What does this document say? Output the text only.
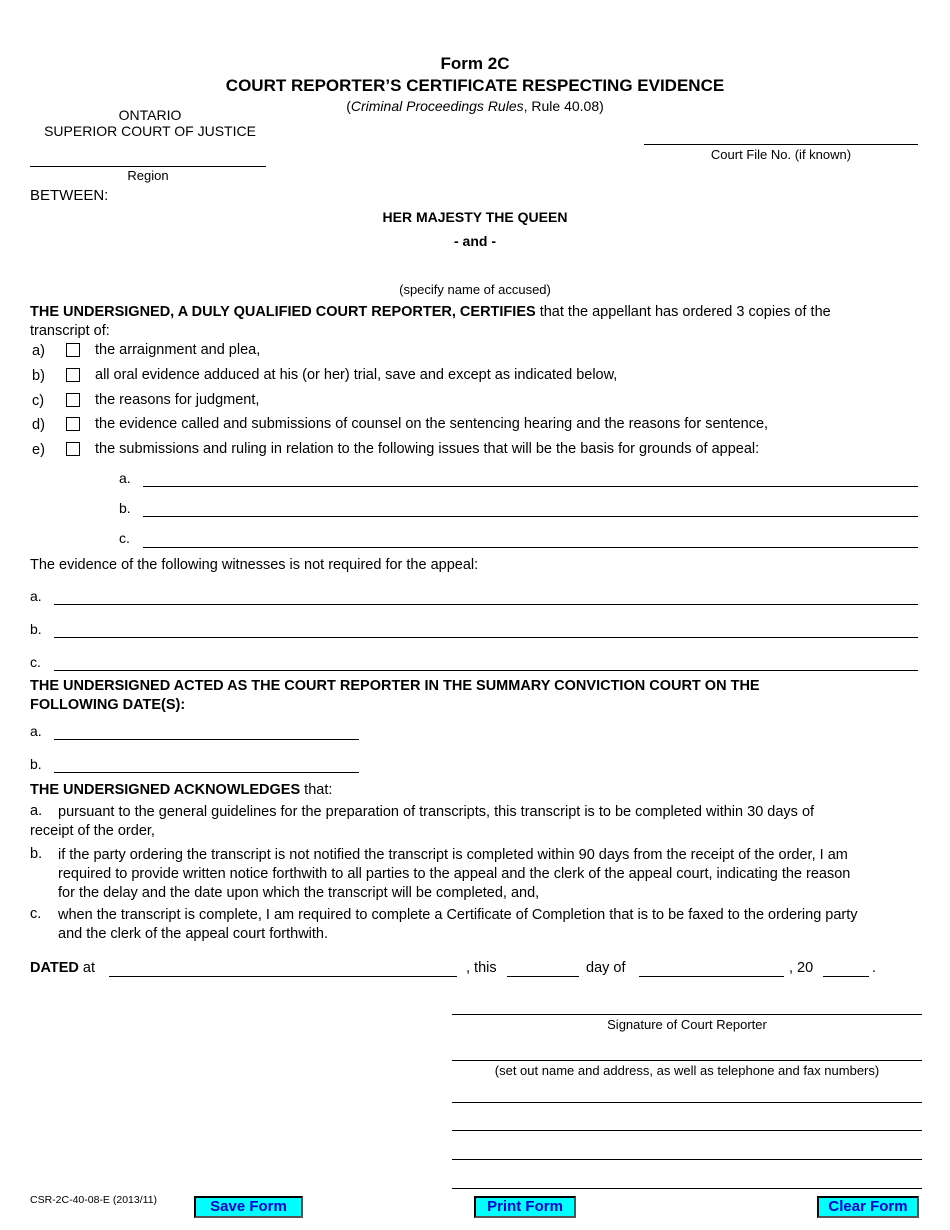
Form 2C
COURT REPORTER’S CERTIFICATE RESPECTING EVIDENCE
(Criminal Proceedings Rules, Rule 40.08)
ONTARIO
SUPERIOR COURT OF JUSTICE
Region
Court File No. (if known)
BETWEEN:
HER MAJESTY THE QUEEN
- and -
(specify name of accused)
THE UNDERSIGNED, A DULY QUALIFIED COURT REPORTER, CERTIFIES that the appellant has ordered 3 copies of the
transcript of:
a)	the arraignment and plea,
b)	all oral evidence adduced at his (or her) trial, save and except as indicated below,
c)	the reasons for judgment,
d)	the evidence called and submissions of counsel on the sentencing hearing and the reasons for sentence,
e)	the submissions and ruling in relation to the following issues that will be the basis for grounds of appeal:
a.
b.
c.
The evidence of the following witnesses is not required for the appeal:
a.
b.
c.
THE UNDERSIGNED ACTED AS THE COURT REPORTER IN THE SUMMARY CONVICTION COURT ON THE
FOLLOWING DATE(S):
a.
b.
THE UNDERSIGNED ACKNOWLEDGES that:
a.	pursuant to the general guidelines for the preparation of transcripts, this transcript is to be completed within 30 days of
receipt of the order,
b. if the party ordering the transcript is not notified the transcript is completed within 90 days from the receipt of the order, I am
required to provide written notice forthwith to all parties to the appeal and the clerk of the appeal court, indicating the reason
for the delay and the date upon which the transcript will be completed, and,
c. when the transcript is complete, I am required to complete a Certificate of Completion that is to be faxed to the ordering party
and the clerk of the appeal court forthwith.
DATED at	, this	day of	, 20	.
Signature of Court Reporter
(set out name and address, as well as telephone and fax numbers)
CSR-2C-40-08-E (2013/11)	Save Form	Print Form	Clear Form
